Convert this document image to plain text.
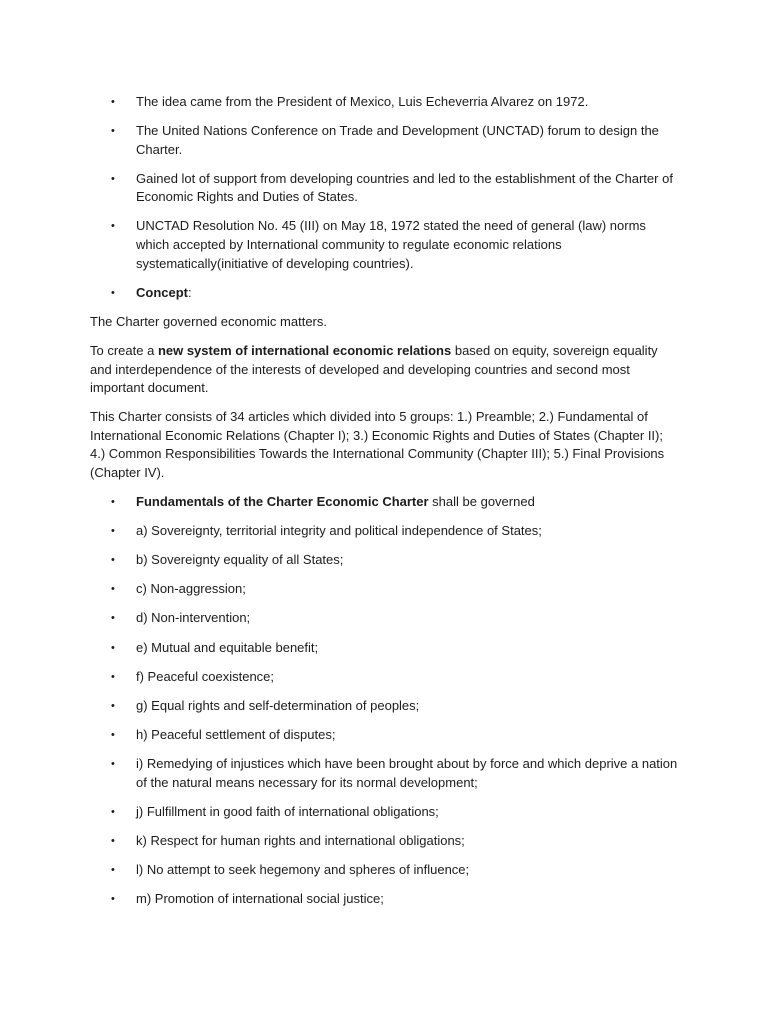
• The idea came from the President of Mexico, Luis Echeverria Alvarez on 1972.
• The United Nations Conference on Trade and Development (UNCTAD) forum to design the Charter.
• Gained lot of support from developing countries and led to the establishment of the Charter of Economic Rights and Duties of States.
• UNCTAD Resolution No. 45 (III) on May 18, 1972 stated the need of general (law) norms which accepted by International community to regulate economic relations systematically(initiative of developing countries).
• Concept:

The Charter governed economic matters.

To create a new system of international economic relations based on equity, sovereign equality and interdependence of the interests of developed and developing countries and second most important document.

This Charter consists of 34 articles which divided into 5 groups: 1.) Preamble; 2.) Fundamental of International Economic Relations (Chapter I); 3.) Economic Rights and Duties of States (Chapter II); 4.) Common Responsibilities Towards the International Community (Chapter III); 5.) Final Provisions (Chapter IV).

• Fundamentals of the Charter Economic Charter shall be governed
• a) Sovereignty, territorial integrity and political independence of States;
• b) Sovereignty equality of all States;
• c) Non-aggression;
• d) Non-intervention;
• e) Mutual and equitable benefit;
• f) Peaceful coexistence;
• g) Equal rights and self-determination of peoples;
• h) Peaceful settlement of disputes;
• i) Remedying of injustices which have been brought about by force and which deprive a nation of the natural means necessary for its normal development;
• j) Fulfillment in good faith of international obligations;
• k) Respect for human rights and international obligations;
• l) No attempt to seek hegemony and spheres of influence;
• m) Promotion of international social justice;
